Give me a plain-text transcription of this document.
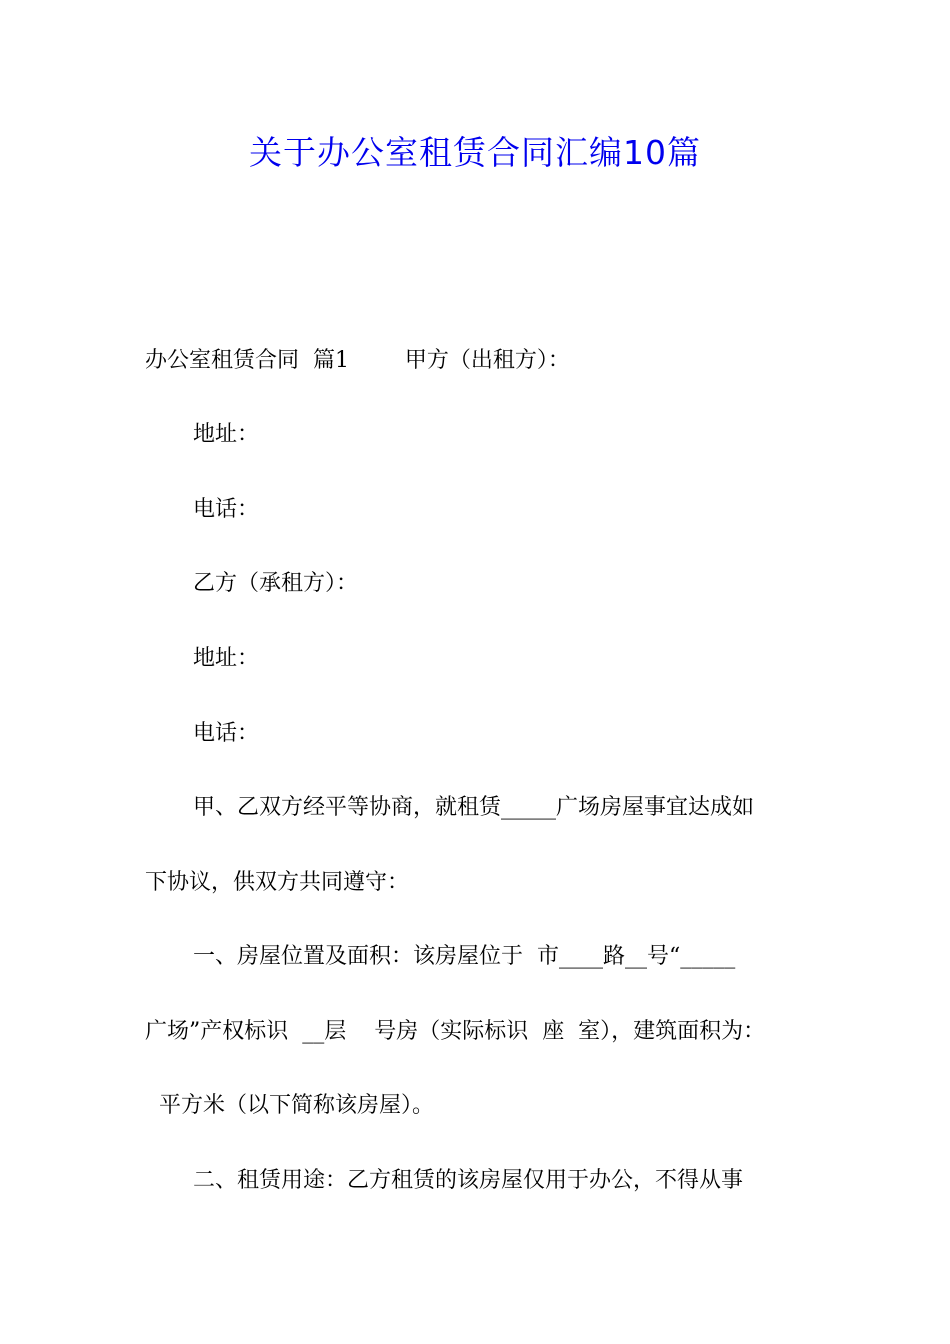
关于办公室租赁合同汇编10篇

办公室租赁合同  篇1        甲方（出租方）：

地址：

电话：

乙方（承租方）：

地址：

电话：

甲、乙双方经平等协商，就租赁_____广场房屋事宜达成如

下协议，供双方共同遵守：

一、房屋位置及面积：该房屋位于  市____路__号“_____

广场”产权标识  __层    号房（实际标识  座  室），建筑面积为：

平方米（以下简称该房屋）。

二、租赁用途：乙方租赁的该房屋仅用于办公，不得从事
